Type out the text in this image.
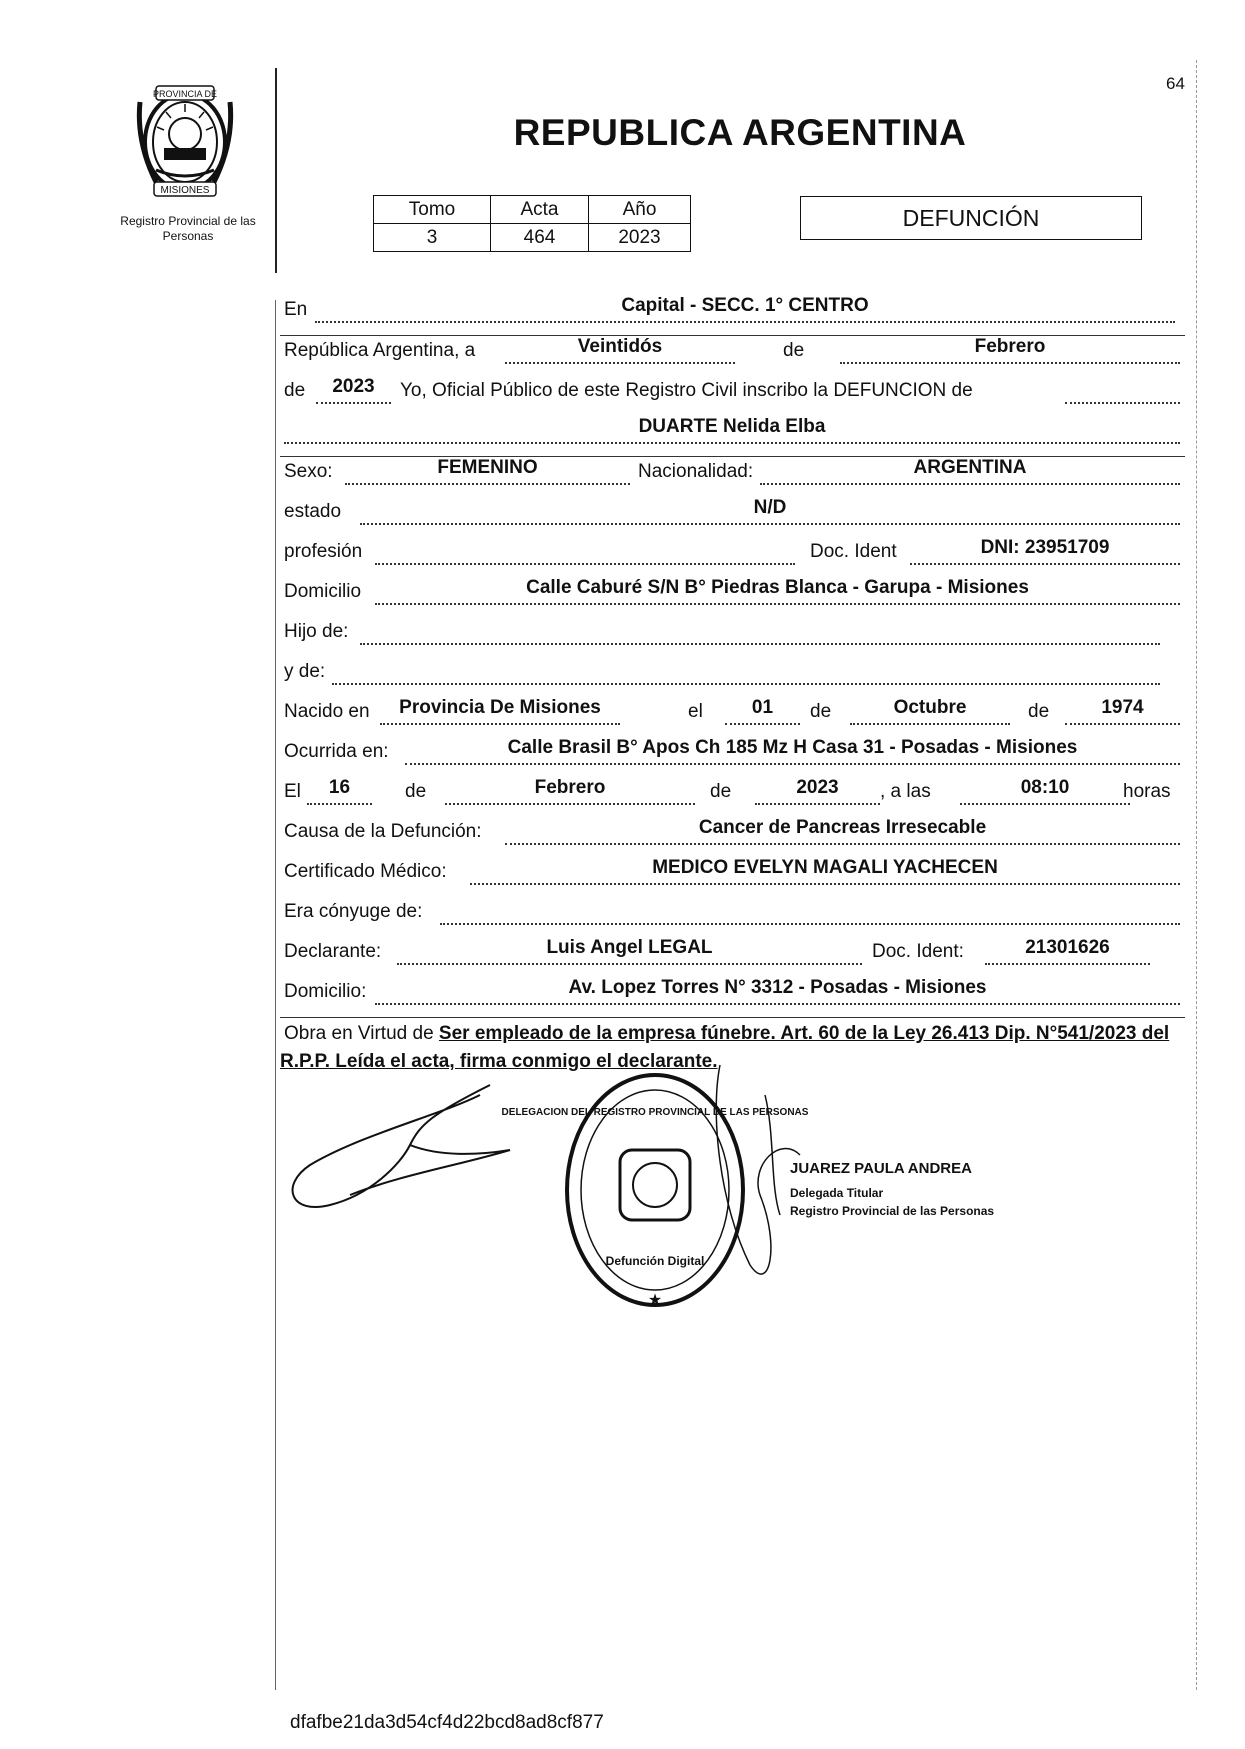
64
PROVINCIA DE
MISIONES
Registro Provincial de las Personas
REPUBLICA ARGENTINA
Tomo	Acta	Año
3	464	2023
DEFUNCIÓN
En	Capital - SECC. 1° CENTRO
República Argentina, a	Veintidós	de	Febrero
de	2023	Yo, Oficial Público de este Registro Civil inscribo la DEFUNCION de
DUARTE Nelida Elba
Sexo:	FEMENINO	Nacionalidad:	ARGENTINA
estado	N/D
profesión	Doc. Ident	DNI: 23951709
Domicilio	Calle Caburé S/N B° Piedras Blanca - Garupa - Misiones
Hijo de:
y de:
Nacido en	Provincia De Misiones	el	01	de	Octubre	de	1974
Ocurrida en:	Calle Brasil B° Apos Ch 185 Mz H Casa 31 - Posadas - Misiones
El	16	de	Febrero	de	2023	, a las	08:10	horas
Causa de la Defunción:	Cancer de Pancreas Irresecable
Certificado Médico:	MEDICO EVELYN MAGALI YACHECEN
Era cónyuge de:
Declarante:	Luis Angel LEGAL	Doc. Ident:	21301626
Domicilio:	Av. Lopez Torres N° 3312 - Posadas - Misiones
Obra en Virtud de Ser empleado de la empresa fúnebre. Art. 60 de la Ley 26.413 Dip. N°541/2023 del R.P.P. Leída el acta, firma conmigo el declarante.
★
DELEGACION DEL REGISTRO PROVINCIAL DE LAS PERSONAS
Defunción Digital
JUAREZ PAULA ANDREA
Delegada Titular
Registro Provincial de las Personas
dfafbe21da3d54cf4d22bcd8ad8cf877
